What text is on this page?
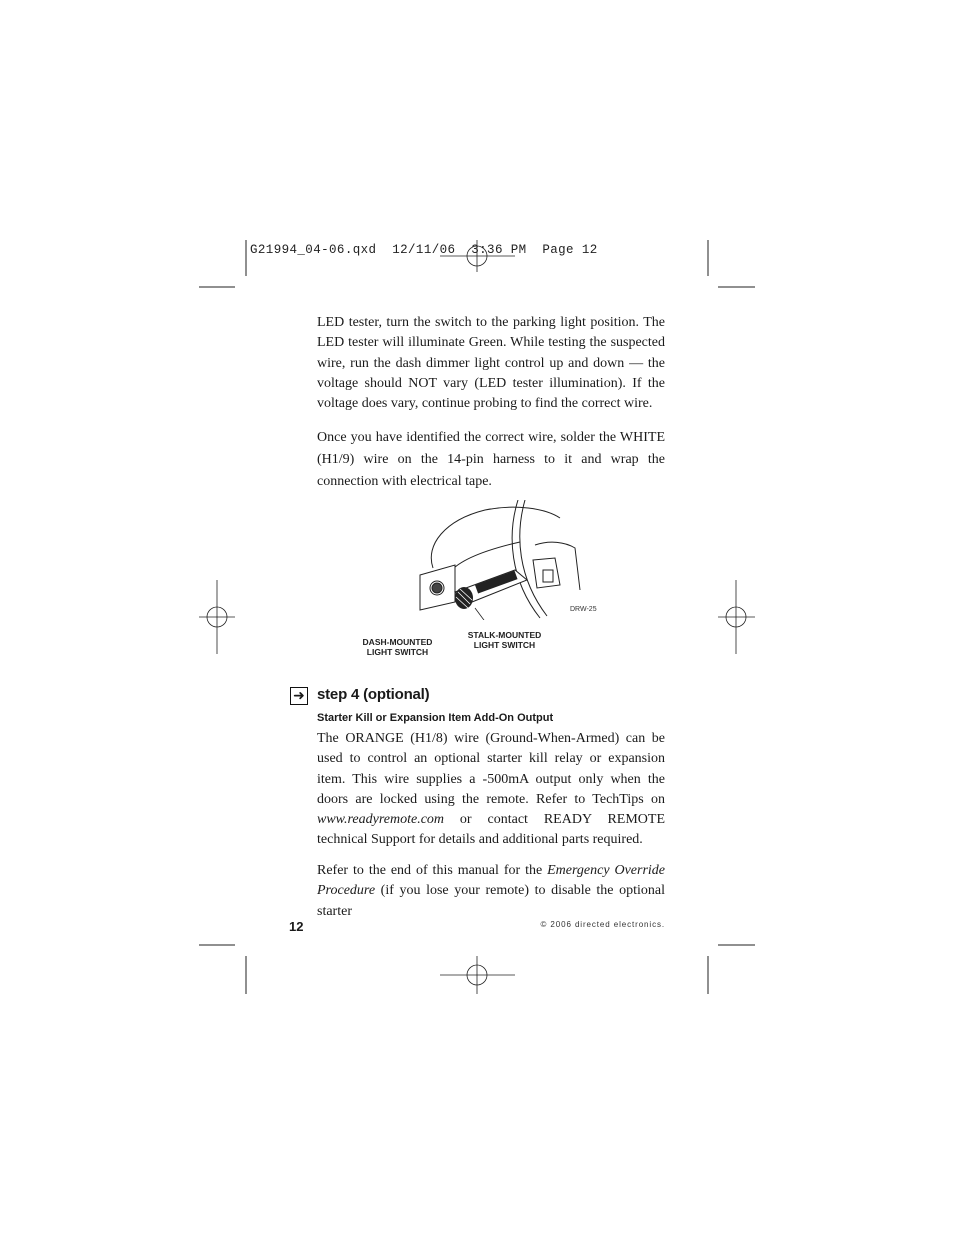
G21994_04-06.qxd  12/11/06  3:36 PM  Page 12

LED tester, turn the switch to the parking light position. The LED tester will illuminate Green. While testing the suspected wire, run the dash dimmer light control up and down — the voltage should NOT vary (LED tester illumination). If the voltage does vary, continue probing to find the correct wire.

Once you have identified the correct wire, solder the WHITE (H1/9) wire on the 14-pin harness to it and wrap the connection with electrical tape.

DASH-MOUNTED
LIGHT SWITCH
STALK-MOUNTED
LIGHT SWITCH
DRW-25
➜ step 4 (optional)
Starter Kill or Expansion Item Add-On Output

The ORANGE (H1/8) wire (Ground-When-Armed) can be used to control an optional starter kill relay or expansion item. This wire supplies a -500mA output only when the doors are locked using the remote. Refer to TechTips on www.readyremote.com or contact READY REMOTE technical Support for details and additional parts required.

Refer to the end of this manual for the Emergency Override Procedure (if you lose your remote) to disable the optional starter

12	© 2006 directed electronics.
